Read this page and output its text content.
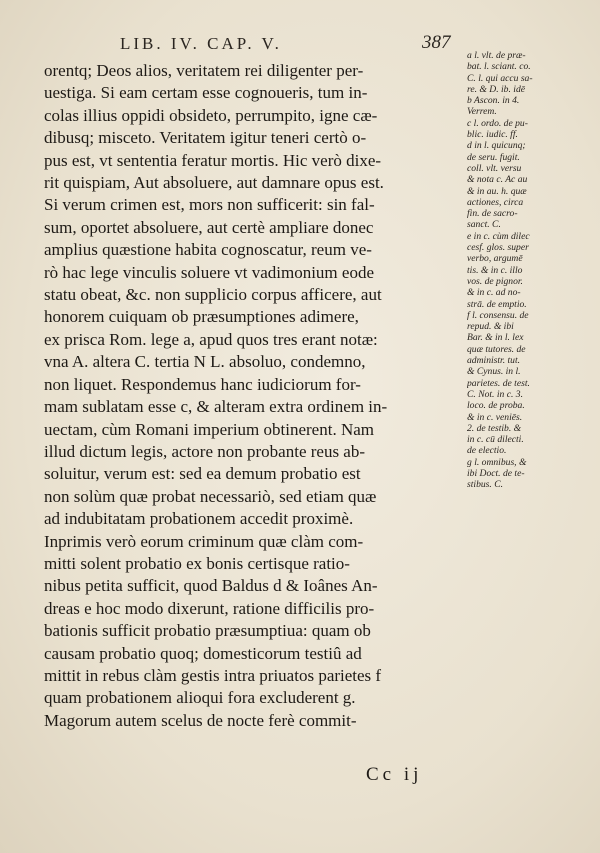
LIB. IV. CAP. V.	387
orentq; Deos alios, veritatem rei diligenter per-
uestiga. Si eam certam esse cognoueris, tum in-
colas illius oppidi obsideto, perrumpito, igne cæ-
dibusq; misceto. Veritatem igitur teneri certò o-
pus est, vt sententia feratur mortis. Hic verò dixe-
rit quispiam, Aut absoluere, aut damnare opus est.
Si verum crimen est, mors non sufficerit: sin fal-
sum, oportet absoluere, aut certè ampliare donec
amplius quæstione habita cognoscatur, reum ve-
rò hac lege vinculis soluere vt vadimonium eode
statu obeat, &c. non supplicio corpus afficere, aut
honorem cuiquam ob præsumptiones adimere,
ex prisca Rom. lege a, apud quos tres erant notæ:
vna A. altera C. tertia N L. absoluo, condemno,
non liquet. Respondemus hanc iudiciorum for-
mam sublatam esse c, & alteram extra ordinem in-
uectam, cùm Romani imperium obtinerent. Nam
illud dictum legis, actore non probante reus ab-
soluitur, verum est: sed ea demum probatio est
non solùm quæ probat necessariò, sed etiam quæ
ad indubitatam probationem accedit proximè.
Inprimis verò eorum criminum quæ clàm com-
mitti solent probatio ex bonis certisque ratio-
nibus petita sufficit, quod Baldus d & Ioânes An-
dreas e hoc modo dixerunt, ratione difficilis pro-
bationis sufficit probatio præsumptiua: quam ob
causam probatio quoq; domesticorum testiû ad
mittit in rebus clàm gestis intra priuatos parietes f
quam probationem alioqui fora excluderent g.
Magorum autem scelus de nocte ferè commit-
a l. vlt. de præ-
bat. l. sciant. co.
C. l. qui accu sa-
re. & D. ib. idē
b Ascon. in 4.
Verrem.
c l. ordo. de pu-
blic. iudic. ff.
d in l. quicunq;
de seru. fugit.
coll. vlt. versu
& nota c. Ac au
& in au. h. quæ
actiones, circa
fin. de sacro-
sanct. C.
e in c. cùm dilec
cesf. glos. super
verbo, argumē
tis. & in c. illo
vos. de pignor.
& in c. ad no-
strā. de emptio.
f l. consensu. de
repud. & ibi
Bar. & in l. lex
quæ tutores. de
administr. tut.
& Cynus. in l.
parietes. de test.
C. Not. in c. 3.
loco. de proba.
& in c. veniēs.
2. de testib. &
in c. cū dilecti.
de electio.
g l. omnibus, &
ibi Doct. de te-
stibus. C.
Cc ij
